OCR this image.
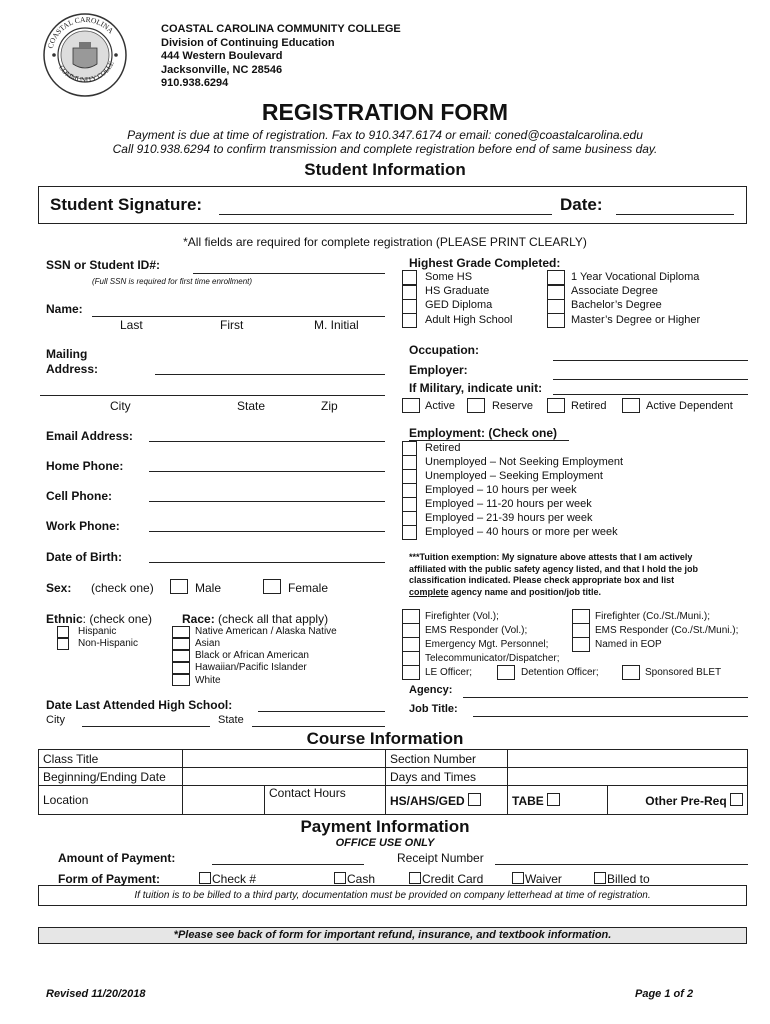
COASTAL CAROLINA
COMMUNITY COLLE
COASTAL CAROLINA COMMUNITY COLLEGE
Division of Continuing Education
444 Western Boulevard
Jacksonville, NC 28546
910.938.6294
REGISTRATION FORM
Payment is due at time of registration. Fax to 910.347.6174 or email: coned@coastalcarolina.edu
Call 910.938.6294 to confirm transmission and complete registration before end of same business day.
Student Information
Student Signature:	Date:
*All fields are required for complete registration (PLEASE PRINT CLEARLY)
SSN or Student ID#:
(Full SSN is required for first time enrollment)
Name:
Last	First	M. Initial
Mailing
Address:
City	State	Zip
Email Address:
Home Phone:
Cell Phone:
Work Phone:
Date of Birth:
Sex: (check one)	Male	Female
Ethnic: (check one)
Hispanic
Non-Hispanic
Race: (check all that apply)
Native American / Alaska Native
Asian
Black or African American
Hawaiian/Pacific Islander
White
Date Last Attended High School:
City	State
Highest Grade Completed:
Some HS
HS Graduate
GED Diploma
Adult High School
1 Year Vocational Diploma
Associate Degree
Bachelor’s Degree
Master’s Degree or Higher
Occupation:
Employer:
If Military, indicate unit:
Active	Reserve	Retired	Active Dependent
Employment: (Check one)
Retired
Unemployed – Not Seeking Employment
Unemployed – Seeking Employment
Employed – 10 hours per week
Employed – 11-20 hours per week
Employed – 21-39 hours per week
Employed – 40 hours or more per week
***Tuition exemption: My signature above attests that I am actively
affiliated with the public safety agency listed, and that I hold the job
classification indicated. Please check appropriate box and list
complete agency name and position/job title.
Firefighter (Vol.);	Firefighter (Co./St./Muni.);
EMS Responder (Vol.);	EMS Responder (Co./St./Muni.);
Emergency Mgt. Personnel;	Named in EOP
Telecommunicator/Dispatcher;
LE Officer;	Detention Officer;	Sponsored BLET
Agency:
Job Title:
Course Information
Class Title			Section Number		
Beginning/Ending Date			Days and Times		
Location		Contact Hours	HS/AHS/GED	TABE	Other Pre-Req
Payment Information
OFFICE USE ONLY
Amount of Payment:	Receipt Number
Form of Payment:	Check #	Cash	Credit Card	Waiver	Billed to
If tuition is to be billed to a third party, documentation must be provided on company letterhead at time of registration.
*Please see back of form for important refund, insurance, and textbook information.
Revised 11/20/2018	Page 1 of 2
